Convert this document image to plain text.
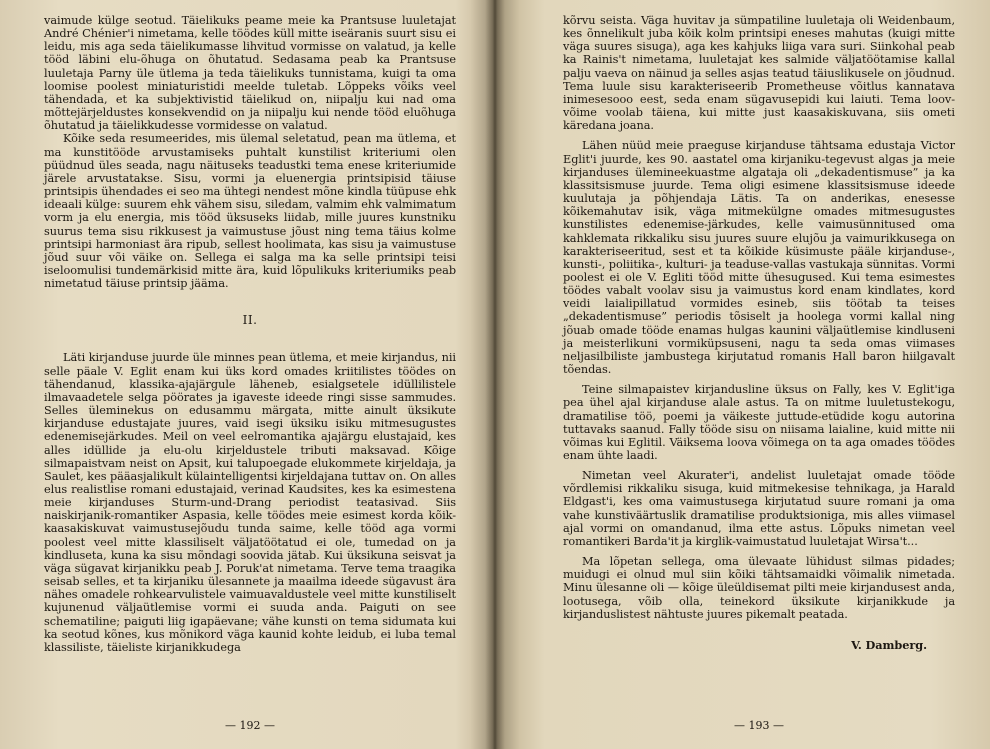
vaimude külge seotud. Täielikuks peame meie ka Prantsuse luuletajat André Chénier'i nimetama, kelle töödes küll mitte iseäranis suurt sisu ei leidu, mis aga seda täielikumasse lihvitud vormisse on valatud, ja kelle tööd läbini elu-õhuga on õhutatud. Sedasama peab ka Prantsuse luuletaja Parny üle ütlema ja teda täielikuks tunnistama, kuigi ta oma loomise poolest miniaturistidi meelde tuletab. Lõppeks võiks veel tähendada, et ka subjektivistid täielikud on, niipalju kui nad oma mõttejärjeldustes konsekvendid on ja niipalju kui nende tööd eluõhuga õhutatud ja täielikkudesse vormidesse on valatud.

Kõike seda resumeerides, mis ülemal seletatud, pean ma ütlema, et ma kunstitööde arvustamiseks puhtalt kunstilist kriteriumi olen püüdnud üles seada, nagu näituseks teadustki tema enese kriteriumide järele arvustatakse. Sisu, vormi ja eluenergia printsipisid täiuse printsipis ühendades ei seo ma ühtegi nendest mõne kindla tüüpuse ehk ideaali külge: suurem ehk vähem sisu, siledam, valmim ehk valmimatum vorm ja elu energia, mis tööd üksuseks liidab, mille juures kunstniku suurus tema sisu rikkusest ja vaimustuse jõust ning tema täius kolme printsipi harmoniast ära ripub, sellest hoolimata, kas sisu ja vaimustuse jõud suur või väike on. Sellega ei salga ma ka selle printsipi teisi iseloomulisi tundemärkisid mitte ära, kuid lõpulikuks kriteriumiks peab nimetatud täiuse printsip jääma.

II.

Läti kirjanduse juurde üle minnes pean ütlema, et meie kirjandus, nii selle päale V. Eglit enam kui üks kord omades kriitilistes töödes on tähendanud, klassika-ajajärgule läheneb, esialgsetele idüllilistele ilmavaadetele selga pöörates ja igaveste ideede ringi sisse sammudes. Selles üleminekus on edusammu märgata, mitte ainult üksikute kirjanduse edustajate juures, vaid isegi üksiku isiku mitmesugustes edenemisejärkudes. Meil on veel eelromantika ajajärgu elustajaid, kes alles idüllide ja elu-olu kirjeldustele tributi maksavad. Kõige silmapaistvam neist on Apsit, kui talupoegade elukommete kirjeldaja, ja Saulet, kes pääasjalikult külaintelligentsi kirjeldajana tuttav on. On alles elus realistlise romani edustajaid, verinad Kaudsites, kes ka esimestena meie kirjanduses Sturm-und-Drang periodist teatasivad. Siis naiskirjanik-romantiker Aspasia, kelle töödes meie esimest korda kõik-kaasakiskuvat vaimustusejõudu tunda saime, kelle tööd aga vormi poolest veel mitte klassiliselt väljatöötatud ei ole, tumedad on ja kindluseta, kuna ka sisu mõndagi soovida jätab. Kui üksikuna seisvat ja väga sügavat kirjanikku peab J. Poruk'at nimetama. Terve tema traagika seisab selles, et ta kirjaniku ülesannete ja maailma ideede sügavust ära nähes omadele rohkearvulistele vaimuavaldustele veel mitte kunstiliselt kujunenud väljaütlemise vormi ei suuda anda. Paiguti on see schematiline; paiguti liig igapäevane; vähe kunsti on tema sidumata kui ka seotud kõnes, kus mõnikord väga kaunid kohte leidub, ei luba temal klassiliste, täieliste kirjanikkudega

— 192 —

kõrvu seista. Väga huvitav ja sümpatiline luuletaja oli Weidenbaum, kes õnnelikult juba kõik kolm printsipi eneses mahutas (kuigi mitte väga suures sisuga), aga kes kahjuks liiga vara suri. Siinkohal peab ka Rainis't nimetama, luuletajat kes salmide väljatöötamise kallal palju vaeva on näinud ja selles asjas teatud täiuslikusele on jõudnud. Tema luule sisu karakteriseerib Prometheuse võitlus kannatava inimesesooo eest, seda enam sügavusepidi kui laiuti. Tema loov-võime voolab täiena, kui mitte just kaasakiskuvana, siis ometi käredana joana.

Lähen nüüd meie praeguse kirjanduse tähtsama edustaja Victor Eglit'i juurde, kes 90. aastatel oma kirjaniku-tegevust algas ja meie kirjanduses ülemineekuastme algataja oli „dekadentismuse” ja ka klassitsismuse juurde. Tema oligi esimene klassitsismuse ideede kuulutaja ja põhjendaja Lätis. Ta on anderikas, enesesse kõikemahutav isik, väga mitmekülgne omades mitmesugustes kunstilistes edenemise-järkudes, kelle vaimusünnitused oma kahklemata rikkaliku sisu juures suure elujõu ja vaimurikkusega on karakteriseeritud, sest et ta kõikide küsimuste pääle kirjanduse-, kunsti-, poliitika-, kulturi- ja teaduse-vallas vastukaja sünnitas. Vormi poolest ei ole V. Egliti tööd mitte ühesugused. Kui tema esimestes töödes vabalt voolav sisu ja vaimustus kord enam kindlates, kord veidi laialipillatud vormides esineb, siis töötab ta teises „dekadentismuse” periodis tõsiselt ja hoolega vormi kallal ning jõuab omade tööde enamas hulgas kaunini väljaütlemise kindluseni ja meisterlikuni vormiküpsuseni, nagu ta seda omas viimases neljasilbiliste jambustega kirjutatud romanis Hall baron hiilgavalt tõendas.

Teine silmapaistev kirjandusline üksus on Fally, kes V. Eglit'iga pea ühel ajal kirjanduse alale astus. Ta on mitme luuletustekogu, dramatilise töö, poemi ja väikeste juttude-etüdide kogu autorina tuttavaks saanud. Fally tööde sisu on niisama laialine, kuid mitte nii võimas kui Eglitil. Väiksema loova võimega on ta aga omades töödes enam ühte laadi.

Nimetan veel Akurater'i, andelist luuletajat omade tööde võrdlemisi rikkaliku sisuga, kuid mitmekesise tehnikaga, ja Harald Eldgast'i, kes oma vaimustusega kirjutatud suure romani ja oma vahe kunstiväärtuslik dramatilise produktsioniga, mis alles viimasel ajal vormi on omandanud, ilma ette astus. Lõpuks nimetan veel romantikeri Barda'it ja kirglik-vaimustatud luuletajat Wirsa't...

Ma lõpetan sellega, oma ülevaate lühidust silmas pidades; muidugi ei olnud mul siin kõiki tähtsamaidki võimalik nimetada. Minu ülesanne oli — kõige üleüldisemat pilti meie kirjandusest anda, lootusega, võib olla, teinekord üksikute kirjanikkude ja kirjanduslistest nähtuste juures pikemalt peatada.

V. Damberg.
— 193 —
